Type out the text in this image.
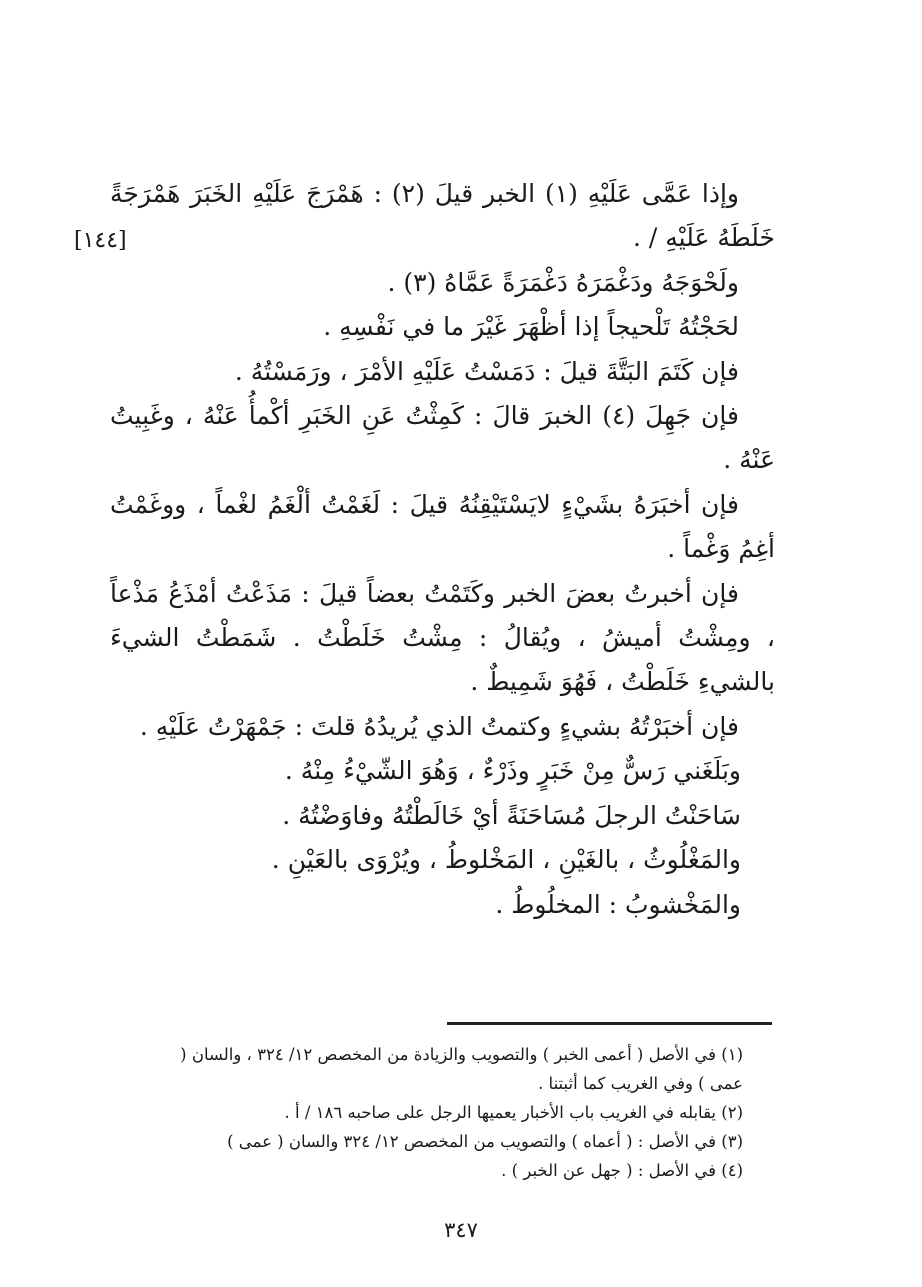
[١٤٤]

وإذا عَمَّى عَلَيْهِ (١) الخبر قيلَ (٢) : هَمْرَجَ عَلَيْهِ الخَبَرَ هَمْرَجَةً خَلَطَهُ عَلَيْهِ / .

ولَحْوَجَهُ ودَغْمَرَهُ دَغْمَرَةً عَمَّاهُ (٣) .

لحَجْتُهُ تَلْحيجاً إذا أظْهَرَ غَيْرَ ما في نَفْسِهِ .

فإن كَتَمَ البَتَّةَ قيلَ : دَمَسْتُ عَلَيْهِ الأمْرَ ، ورَمَسْتُهُ .

فإن جَهِلَ (٤) الخبرَ قالَ : كَمِثْتُ عَنِ الخَبَرِ أكْمأُ عَنْهُ ، وغَبِيتُ عَنْهُ .

فإن أخبَرَهُ بشَيْءٍ لايَسْتَيْقِنُهُ قيلَ : لَغَمْتُ ألْغَمُ لغْماً ، ووغَمْتُ أغِمُ وَغْماً .

فإن أخبرتُ بعضَ الخبر وكَتَمْتُ بعضاً قيلَ : مَذَعْتُ أمْذَعُ مَذْعاً ، ومِشْتُ أميشُ ، ويُقالُ : مِشْتُ خَلَطْتُ . شَمَطْتُ الشيءَ بالشيءِ خَلَطْتُ ، فَهُوَ شَمِيطٌ .

فإن أخبَرْتُهُ بشيءٍ وكتمتُ الذي يُريدُهُ قلتَ : جَمْهَرْتُ عَلَيْهِ .

وبَلَغَني رَسٌّ مِنْ خَبَرٍ وذَرْءٌ ، وَهُوَ الشّيْءُ مِنْهُ .

سَاحَنْتُ الرجلَ مُسَاحَنَةً أيْ خَالَطْتُهُ وفاوَضْتُهُ .

والمَغْلُوثُ ، بالغَيْنِ ، المَخْلوطُ ، ويُرْوَى بالعَيْنِ .

والمَخْشوبُ : المخلُوطُ .

(١) في الأصل ( أعمى الخبر ) والتصويب والزيادة من المخصص ١٢/ ٣٢٤ ، والسان ( عمى ) وفي الغريب كما أثبتنا .

(٢) يقابله في الغريب باب الأخبار يعميها الرجل على صاحبه ١٨٦ / أ .

(٣) في الأصل : ( أعماه ) والتصويب من المخصص ١٢/ ٣٢٤ والسان ( عمى )

(٤) في الأصل : ( جهل عن الخبر ) .

٣٤٧
